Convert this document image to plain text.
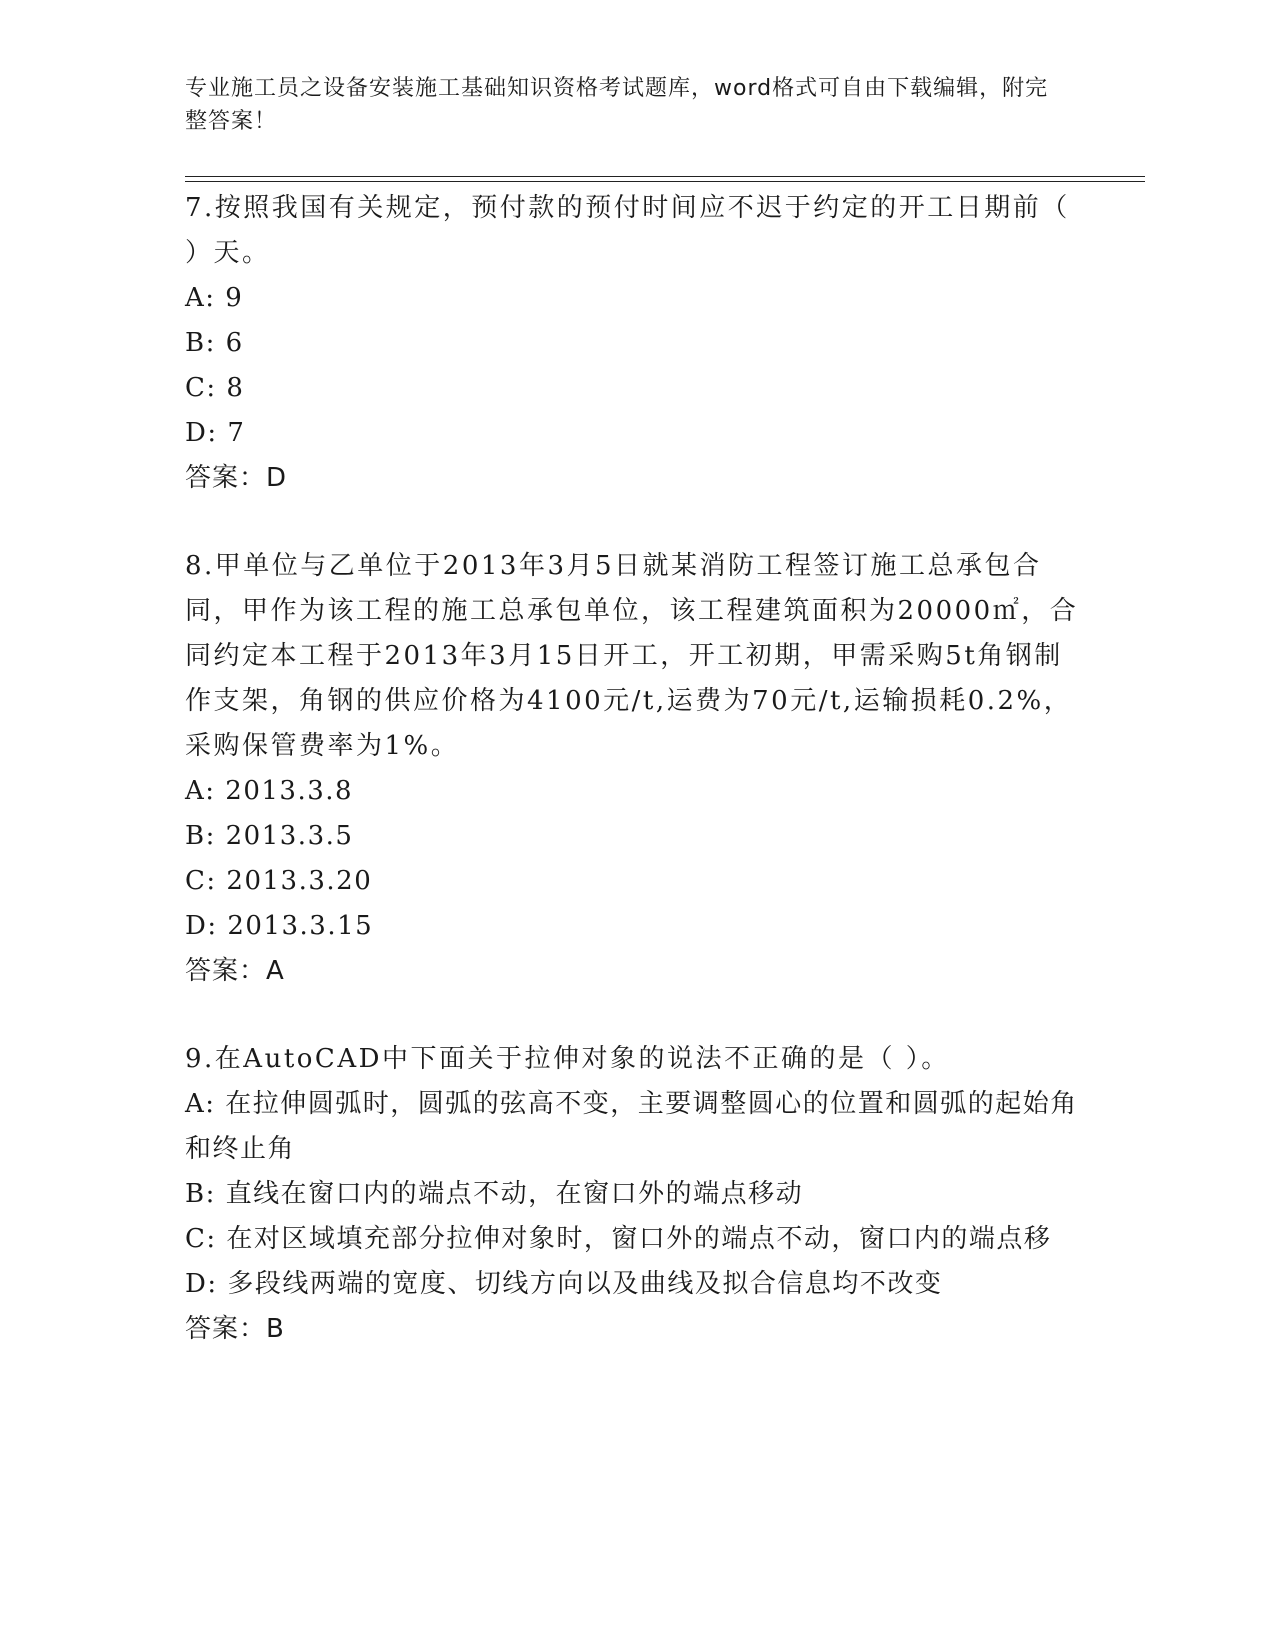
专业施工员之设备安装施工基础知识资格考试题库，word格式可自由下载编辑，附完整答案！

7.按照我国有关规定，预付款的预付时间应不迟于约定的开工日期前（ ）天。

A: 9

B: 6

C: 8

D: 7

答案：D

8.甲单位与乙单位于2013年3月5日就某消防工程签订施工总承包合同，甲作为该工程的施工总承包单位，该工程建筑面积为20000㎡，合同约定本工程于2013年3月15日开工，开工初期，甲需采购5t角钢制作支架，角钢的供应价格为4100元/t,运费为70元/t,运输损耗0.2%，采购保管费率为1%。

A: 2013.3.8

B: 2013.3.5

C: 2013.3.20

D: 2013.3.15

答案：A

9.在AutoCAD中下面关于拉伸对象的说法不正确的是（ ）。

A: 在拉伸圆弧时，圆弧的弦高不变，主要调整圆心的位置和圆弧的起始角和终止角

B: 直线在窗口内的端点不动，在窗口外的端点移动

C: 在对区域填充部分拉伸对象时，窗口外的端点不动，窗口内的端点移

D: 多段线两端的宽度、切线方向以及曲线及拟合信息均不改变

答案：B
